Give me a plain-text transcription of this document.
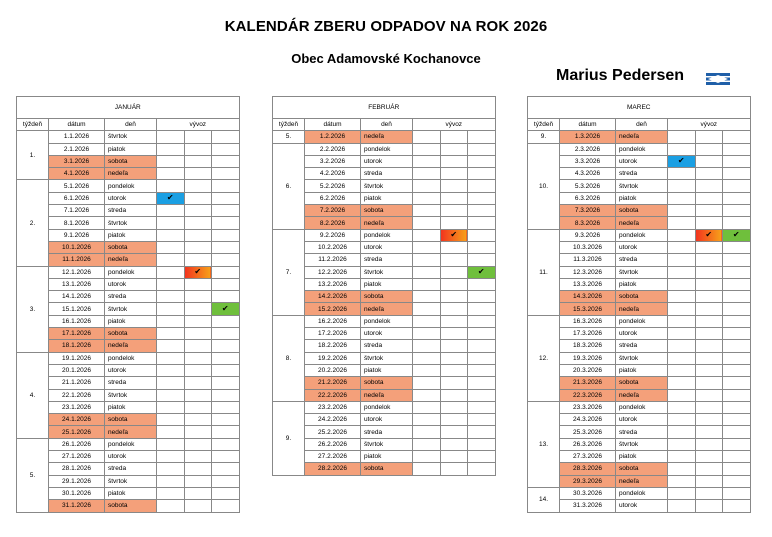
KALENDÁR ZBERU ODPADOV NA ROK 2026
Obec Adamovské Kochanovce
Marius Pedersen
JANUÁR					
týždeň	dátum	deň	vývoz		
1.	1.1.2026	štvrtok			
	2.1.2026	piatok			
	3.1.2026	sobota			
	4.1.2026	nedeľa			
2.	5.1.2026	pondelok			
	6.1.2026	utorok	✔		
	7.1.2026	streda			
	8.1.2026	štvrtok			
	9.1.2026	piatok			
	10.1.2026	sobota			
	11.1.2026	nedeľa			
3.	12.1.2026	pondelok		✔	
	13.1.2026	utorok			
	14.1.2026	streda			
	15.1.2026	štvrtok			✔
	16.1.2026	piatok			
	17.1.2026	sobota			
	18.1.2026	nedeľa			
4.	19.1.2026	pondelok			
	20.1.2026	utorok			
	21.1.2026	streda			
	22.1.2026	štvrtok			
	23.1.2026	piatok			
	24.1.2026	sobota			
	25.1.2026	nedeľa			
5.	26.1.2026	pondelok			
	27.1.2026	utorok			
	28.1.2026	streda			
	29.1.2026	štvrtok			
	30.1.2026	piatok			
	31.1.2026	sobota			
FEBRUÁR					
týždeň	dátum	deň	vývoz		
5.	1.2.2026	nedeľa			
6.	2.2.2026	pondelok			
	3.2.2026	utorok			
	4.2.2026	streda			
	5.2.2026	štvrtok			
	6.2.2026	piatok			
	7.2.2026	sobota			
	8.2.2026	nedeľa			
7.	9.2.2026	pondelok		✔	
	10.2.2026	utorok			
	11.2.2026	streda			
	12.2.2026	štvrtok			✔
	13.2.2026	piatok			
	14.2.2026	sobota			
	15.2.2026	nedeľa			
8.	16.2.2026	pondelok			
	17.2.2026	utorok			
	18.2.2026	streda			
	19.2.2026	štvrtok			
	20.2.2026	piatok			
	21.2.2026	sobota			
	22.2.2026	nedeľa			
9.	23.2.2026	pondelok			
	24.2.2026	utorok			
	25.2.2026	streda			
	26.2.2026	štvrtok			
	27.2.2026	piatok			
	28.2.2026	sobota			
MAREC					
týždeň	dátum	deň	vývoz		
9.	1.3.2026	nedeľa			
10.	2.3.2026	pondelok			
	3.3.2026	utorok	✔		
	4.3.2026	streda			
	5.3.2026	štvrtok			
	6.3.2026	piatok			
	7.3.2026	sobota			
	8.3.2026	nedeľa			
11.	9.3.2026	pondelok		✔	✔
	10.3.2026	utorok			
	11.3.2026	streda			
	12.3.2026	štvrtok			
	13.3.2026	piatok			
	14.3.2026	sobota			
	15.3.2026	nedeľa			
12.	16.3.2026	pondelok			
	17.3.2026	utorok			
	18.3.2026	streda			
	19.3.2026	štvrtok			
	20.3.2026	piatok			
	21.3.2026	sobota			
	22.3.2026	nedeľa			
13.	23.3.2026	pondelok			
	24.3.2026	utorok			
	25.3.2026	streda			
	26.3.2026	štvrtok			
	27.3.2026	piatok			
	28.3.2026	sobota			
	29.3.2026	nedeľa			
14.	30.3.2026	pondelok			
	31.3.2026	utorok			
